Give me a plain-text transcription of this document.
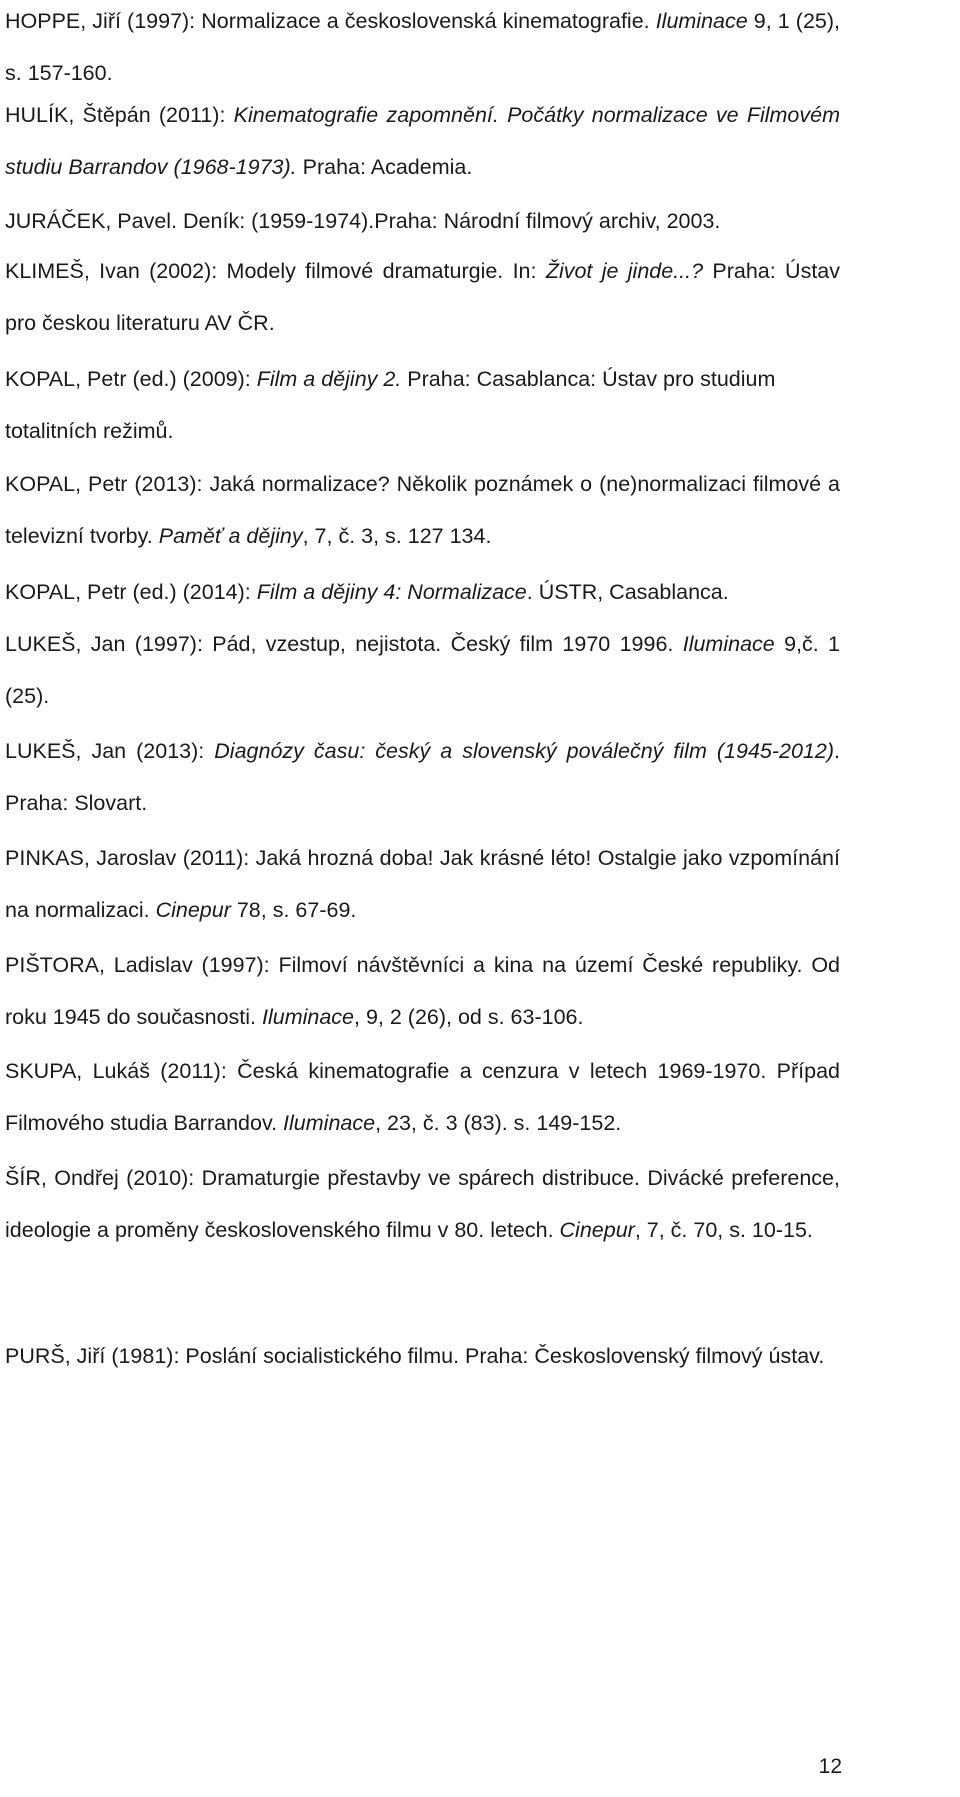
HOPPE, Jiří (1997): Normalizace a československá kinematografie. Iluminace 9, 1 (25), s. 157-160.

HULÍK, Štěpán (2011): Kinematografie zapomnění. Počátky normalizace ve Filmovém studiu Barrandov (1968-1973). Praha: Academia.

JURÁČEK, Pavel. Deník: (1959-1974).Praha: Národní filmový archiv, 2003.

KLIMEŠ, Ivan (2002): Modely filmové dramaturgie. In: Život je jinde...? Praha: Ústav pro českou literaturu AV ČR.

KOPAL, Petr (ed.) (2009): Film a dějiny 2. Praha: Casablanca: Ústav pro studium totalitních režimů.

KOPAL, Petr (2013): Jaká normalizace? Několik poznámek o (ne)normalizaci filmové a televizní tvorby. Paměť a dějiny, 7, č. 3, s. 127 134.

KOPAL, Petr (ed.) (2014): Film a dějiny 4: Normalizace. ÚSTR, Casablanca.

LUKEŠ, Jan (1997): Pád, vzestup, nejistota. Český film 1970 1996. Iluminace 9,č. 1 (25).

LUKEŠ, Jan (2013): Diagnózy času: český a slovenský poválečný film (1945-2012). Praha: Slovart.

PINKAS, Jaroslav (2011): Jaká hrozná doba! Jak krásné léto! Ostalgie jako vzpomínání na normalizaci. Cinepur 78, s. 67-69.

PIŠTORA, Ladislav (1997): Filmoví návštěvníci a kina na území České republiky. Od roku 1945 do současnosti. Iluminace, 9, 2 (26), od s. 63-106.

SKUPA, Lukáš (2011): Česká kinematografie a cenzura v letech 1969-1970. Případ Filmového studia Barrandov. Iluminace, 23, č. 3 (83). s. 149-152.

ŠÍR, Ondřej (2010): Dramaturgie přestavby ve spárech distribuce. Divácké preference, ideologie a proměny československého filmu v 80. letech. Cinepur, 7, č. 70, s. 10-15.

PURŠ, Jiří (1981): Poslání socialistického filmu. Praha: Československý filmový ústav.

12
